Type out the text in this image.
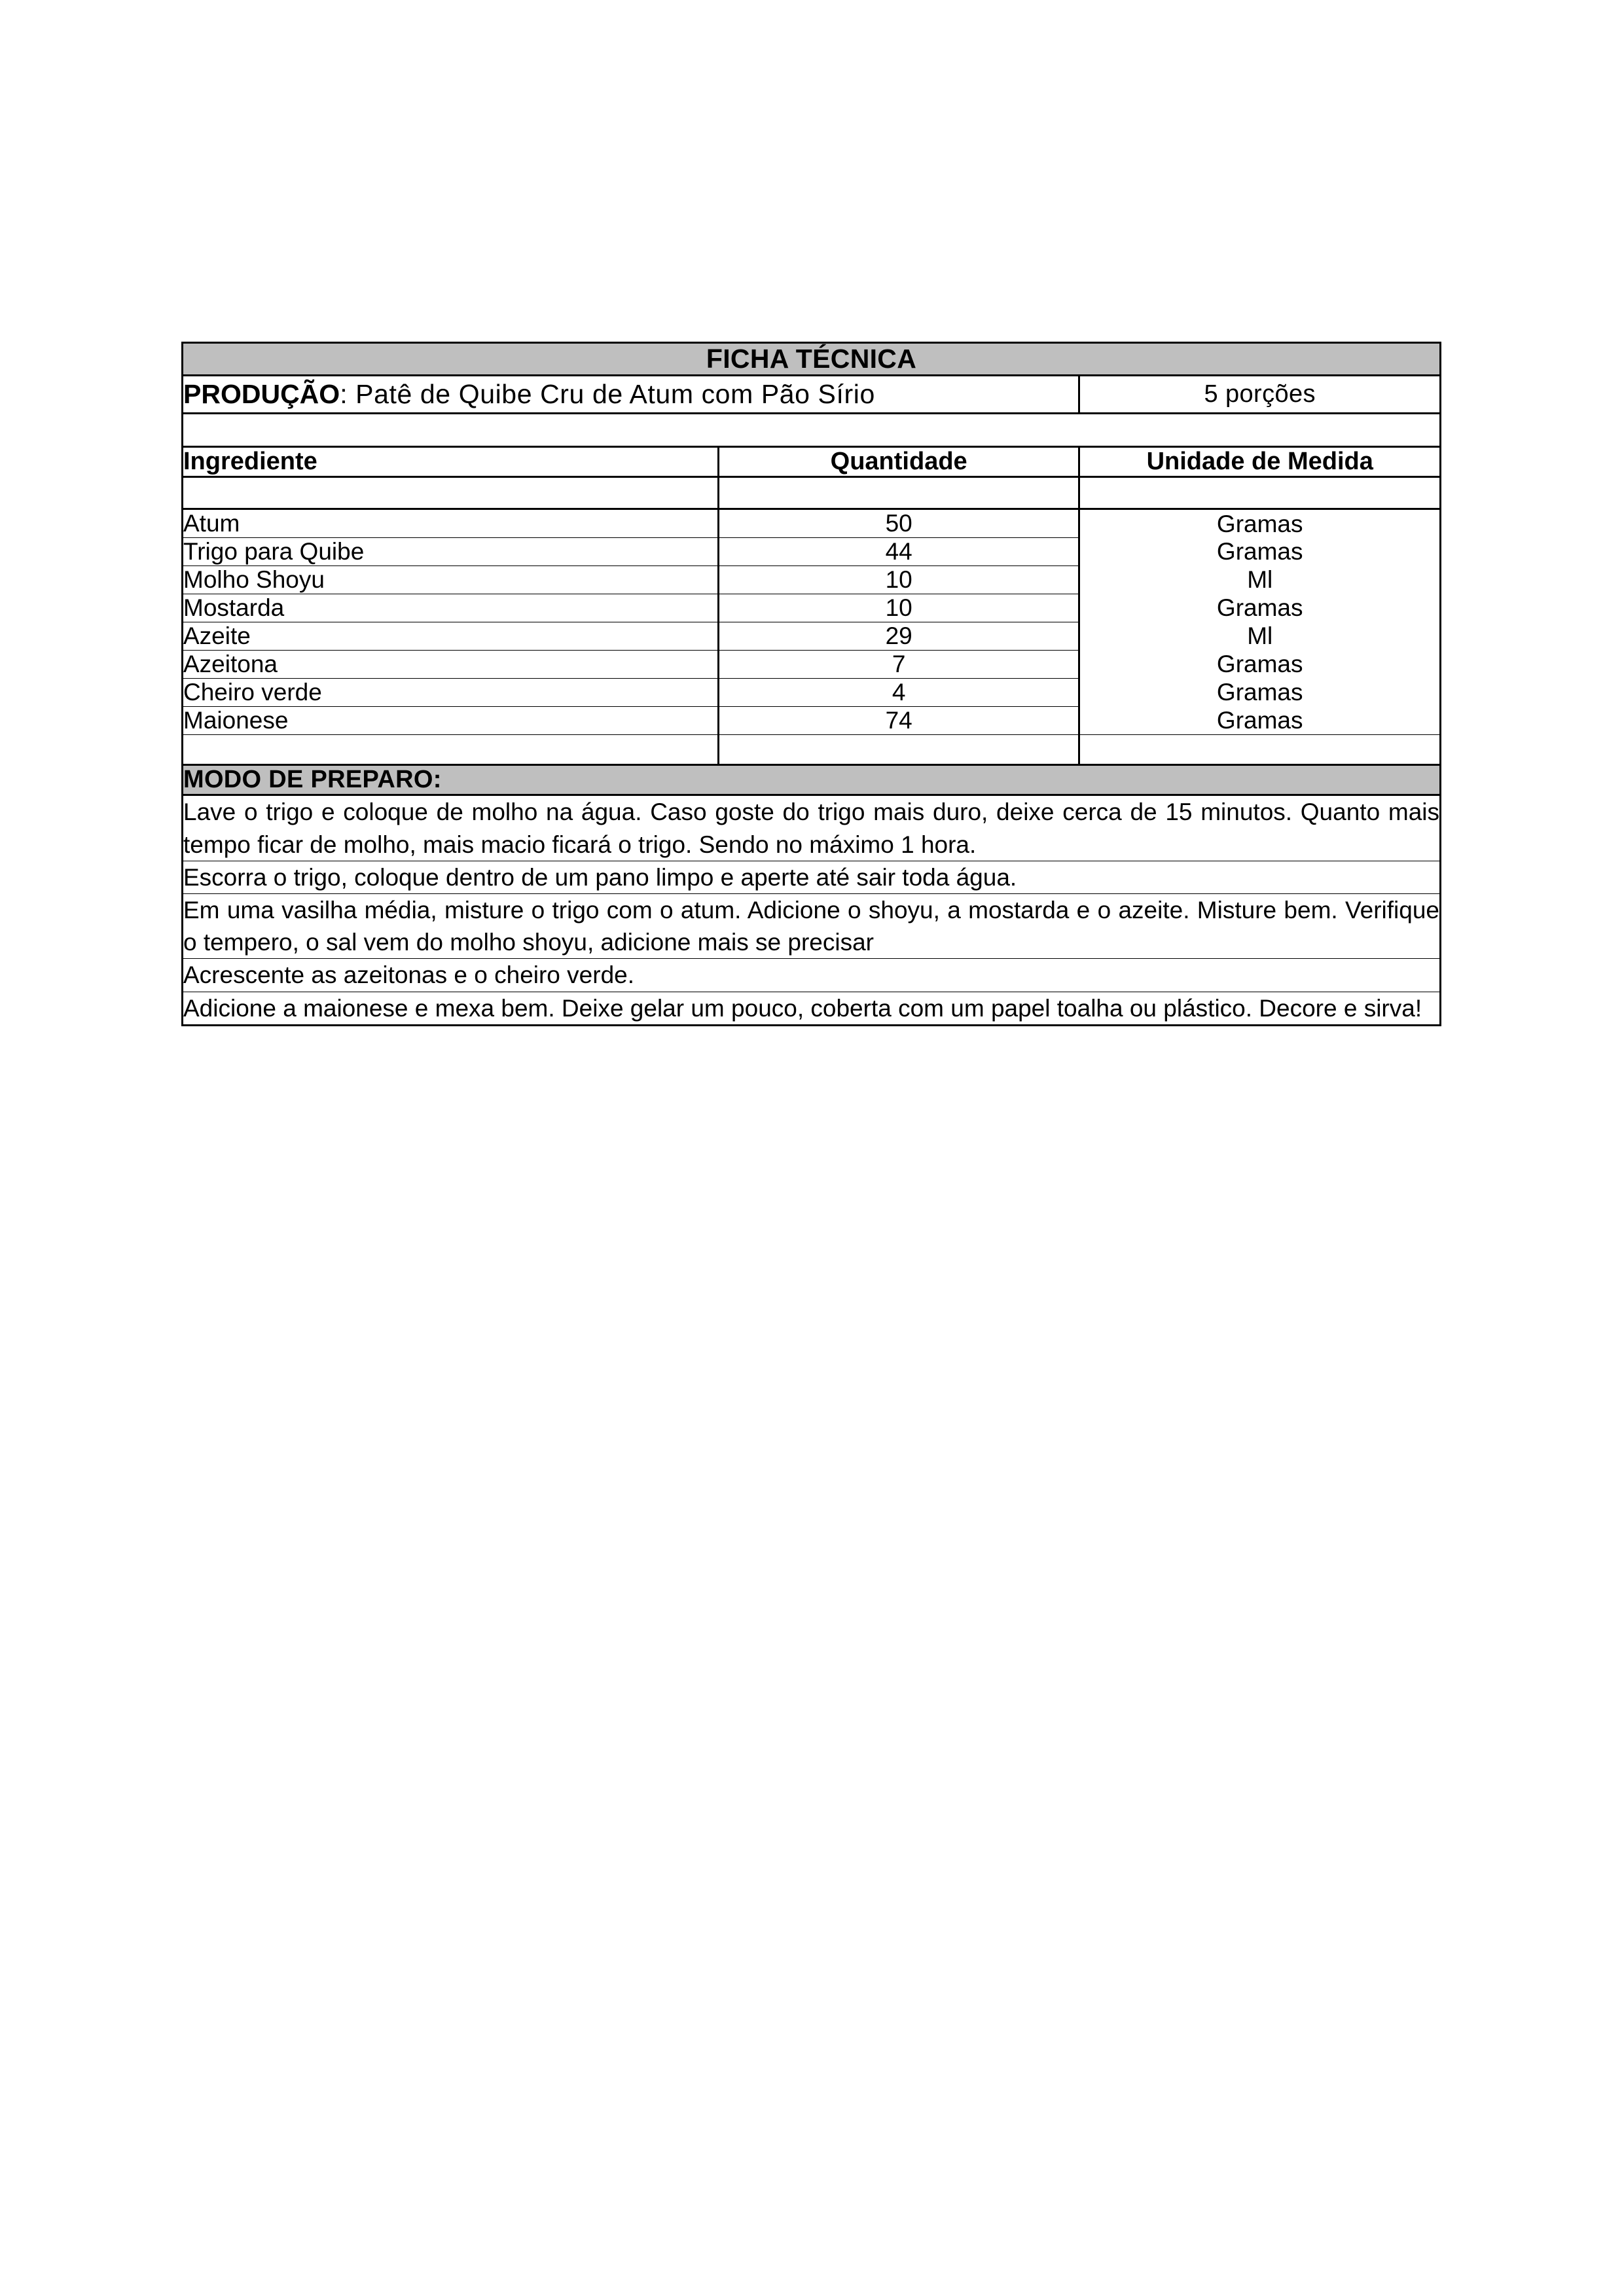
FICHA TÉCNICA		
PRODUÇÃO: Patê de Quibe Cru de Atum com Pão Sírio		5 porções

Ingrediente	Quantidade	Unidade de Medida

Atum	50	Gramas
Trigo para Quibe	44	Gramas
Molho Shoyu	10	Ml
Mostarda	10	Gramas
Azeite	29	Ml
Azeitona	7	Gramas
Cheiro verde	4	Gramas
Maionese	74	Gramas

MODO DE PREPARO:		
Lave o trigo e coloque de molho na água. Caso goste do trigo mais duro, deixe cerca de 15 minutos. Quanto mais tempo ficar de molho, mais macio ficará o trigo. Sendo no máximo 1 hora.		
Escorra o trigo, coloque dentro de um pano limpo e aperte até sair toda água.		
Em uma vasilha média, misture o trigo com o atum. Adicione o shoyu, a mostarda e o azeite. Misture bem. Verifique o tempero, o sal vem do molho shoyu, adicione mais se precisar		
Acrescente as azeitonas e o cheiro verde.		
Adicione a maionese e mexa bem. Deixe gelar um pouco, coberta com um papel toalha ou plástico. Decore e sirva!		
